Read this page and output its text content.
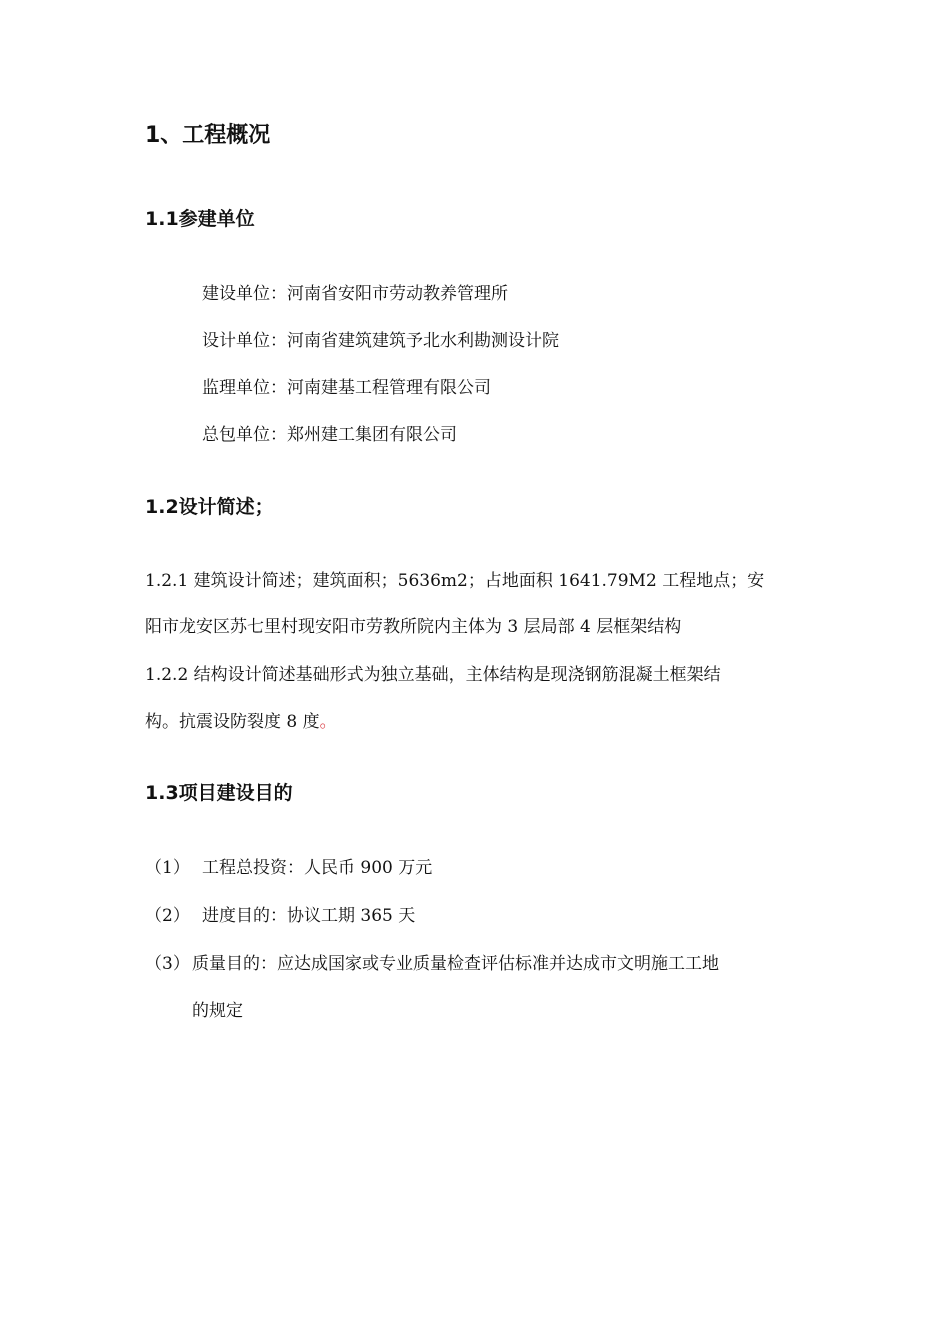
1、工程概况
1.1参建单位
建设单位：河南省安阳市劳动教养管理所
设计单位：河南省建筑建筑予北水利勘测设计院
监理单位：河南建基工程管理有限公司
总包单位：郑州建工集团有限公司
1.2设计简述；
1.2.1 建筑设计简述；建筑面积；5636m2；占地面积 1641.79M2 工程地点；安
阳市龙安区苏七里村现安阳市劳教所院内主体为 3 层局部 4 层框架结构
1.2.2 结构设计简述基础形式为独立基础，主体结构是现浇钢筋混凝土框架结
构。抗震设防裂度 8 度。
1.3项目建设目的
（1） 工程总投资：人民币 900 万元
（2） 进度目的：协议工期 365 天
（3） 质量目的：应达成国家或专业质量检查评估标准并达成市文明施工工地
的规定
